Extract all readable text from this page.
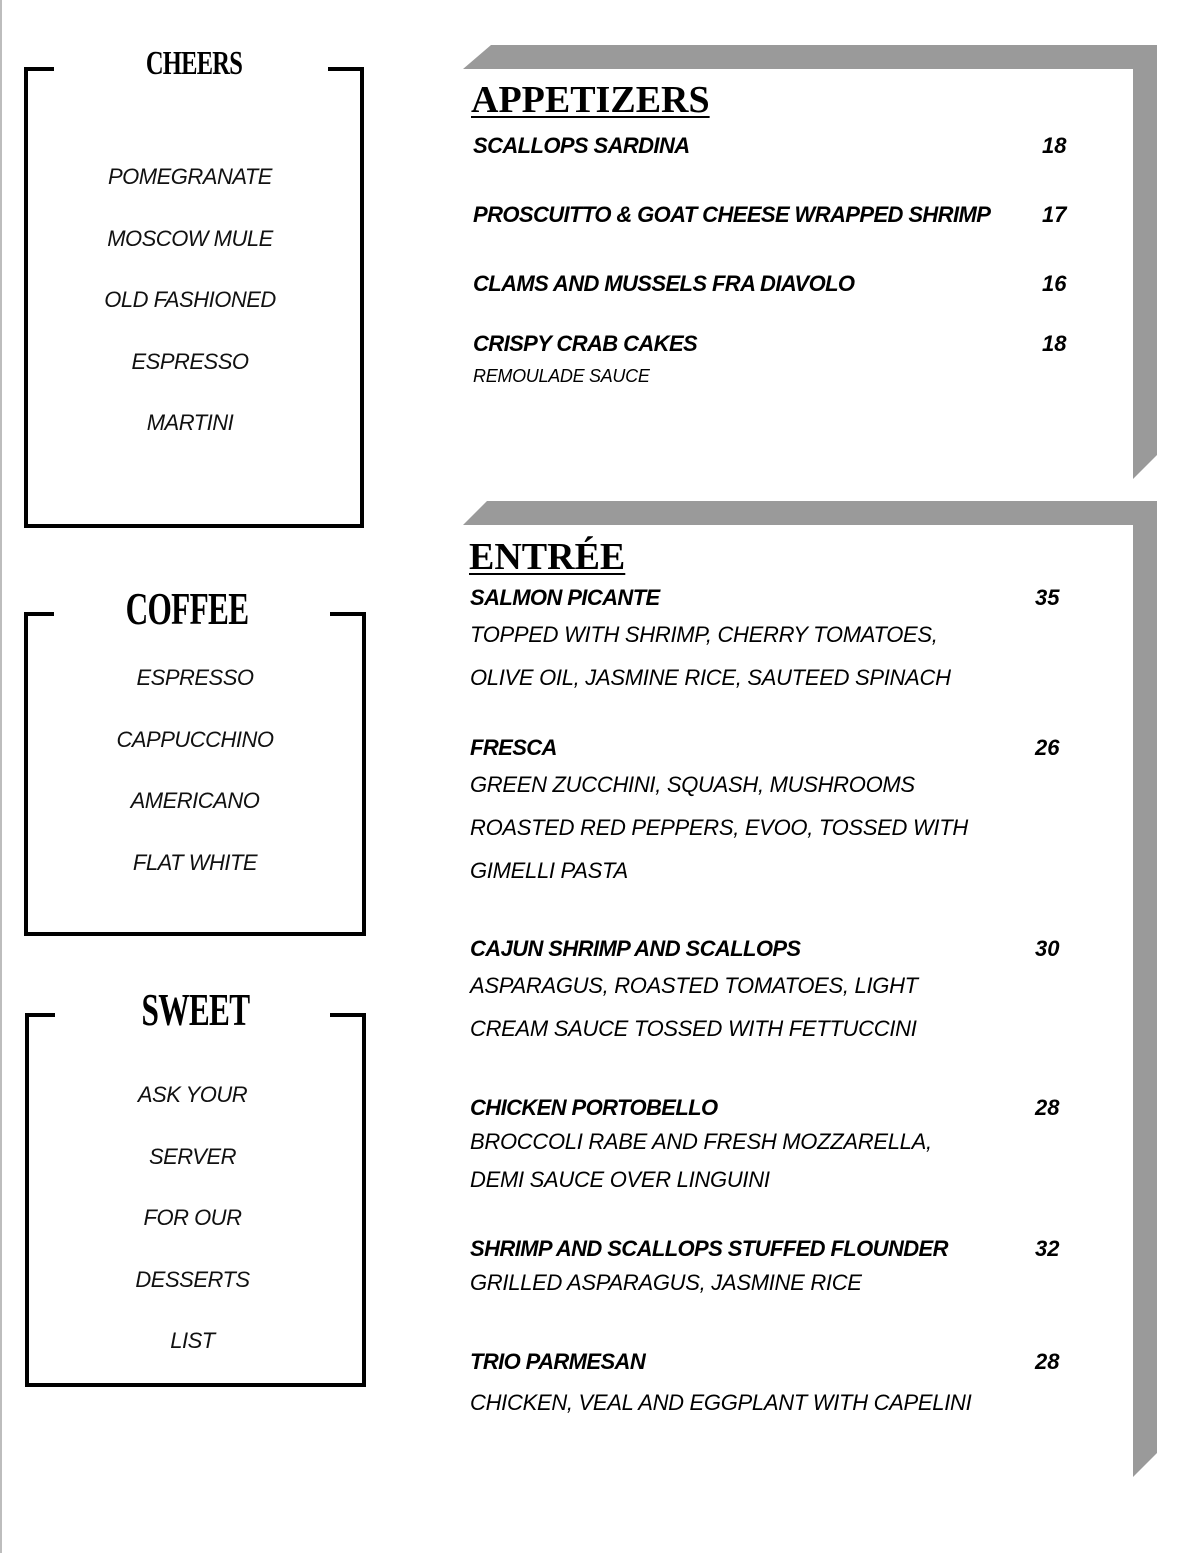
CHEERS
POMEGRANATE
MOSCOW MULE
OLD FASHIONED
ESPRESSO
MARTINI
COFFEE
ESPRESSO
CAPPUCCHINO
AMERICANO
FLAT WHITE
SWEET
ASK YOUR
SERVER
FOR OUR
DESSERTS
LIST
APPETIZERS
SCALLOPS SARDINA	18
PROSCUITTO & GOAT CHEESE WRAPPED SHRIMP	17
CLAMS AND MUSSELS FRA DIAVOLO	16
CRISPY CRAB CAKES	18
REMOULADE SAUCE
ENTRÉE
SALMON PICANTE	35
TOPPED WITH SHRIMP, CHERRY TOMATOES,
OLIVE OIL, JASMINE RICE, SAUTEED SPINACH
FRESCA	26
GREEN ZUCCHINI, SQUASH, MUSHROOMS
ROASTED RED PEPPERS, EVOO, TOSSED WITH
GIMELLI PASTA
CAJUN SHRIMP AND SCALLOPS	30
ASPARAGUS, ROASTED TOMATOES, LIGHT
CREAM SAUCE TOSSED WITH FETTUCCINI
CHICKEN PORTOBELLO	28
BROCCOLI RABE AND FRESH MOZZARELLA,
DEMI SAUCE OVER LINGUINI
SHRIMP AND SCALLOPS STUFFED FLOUNDER	32
GRILLED ASPARAGUS, JASMINE RICE
TRIO PARMESAN	28
CHICKEN, VEAL AND EGGPLANT WITH CAPELINI
